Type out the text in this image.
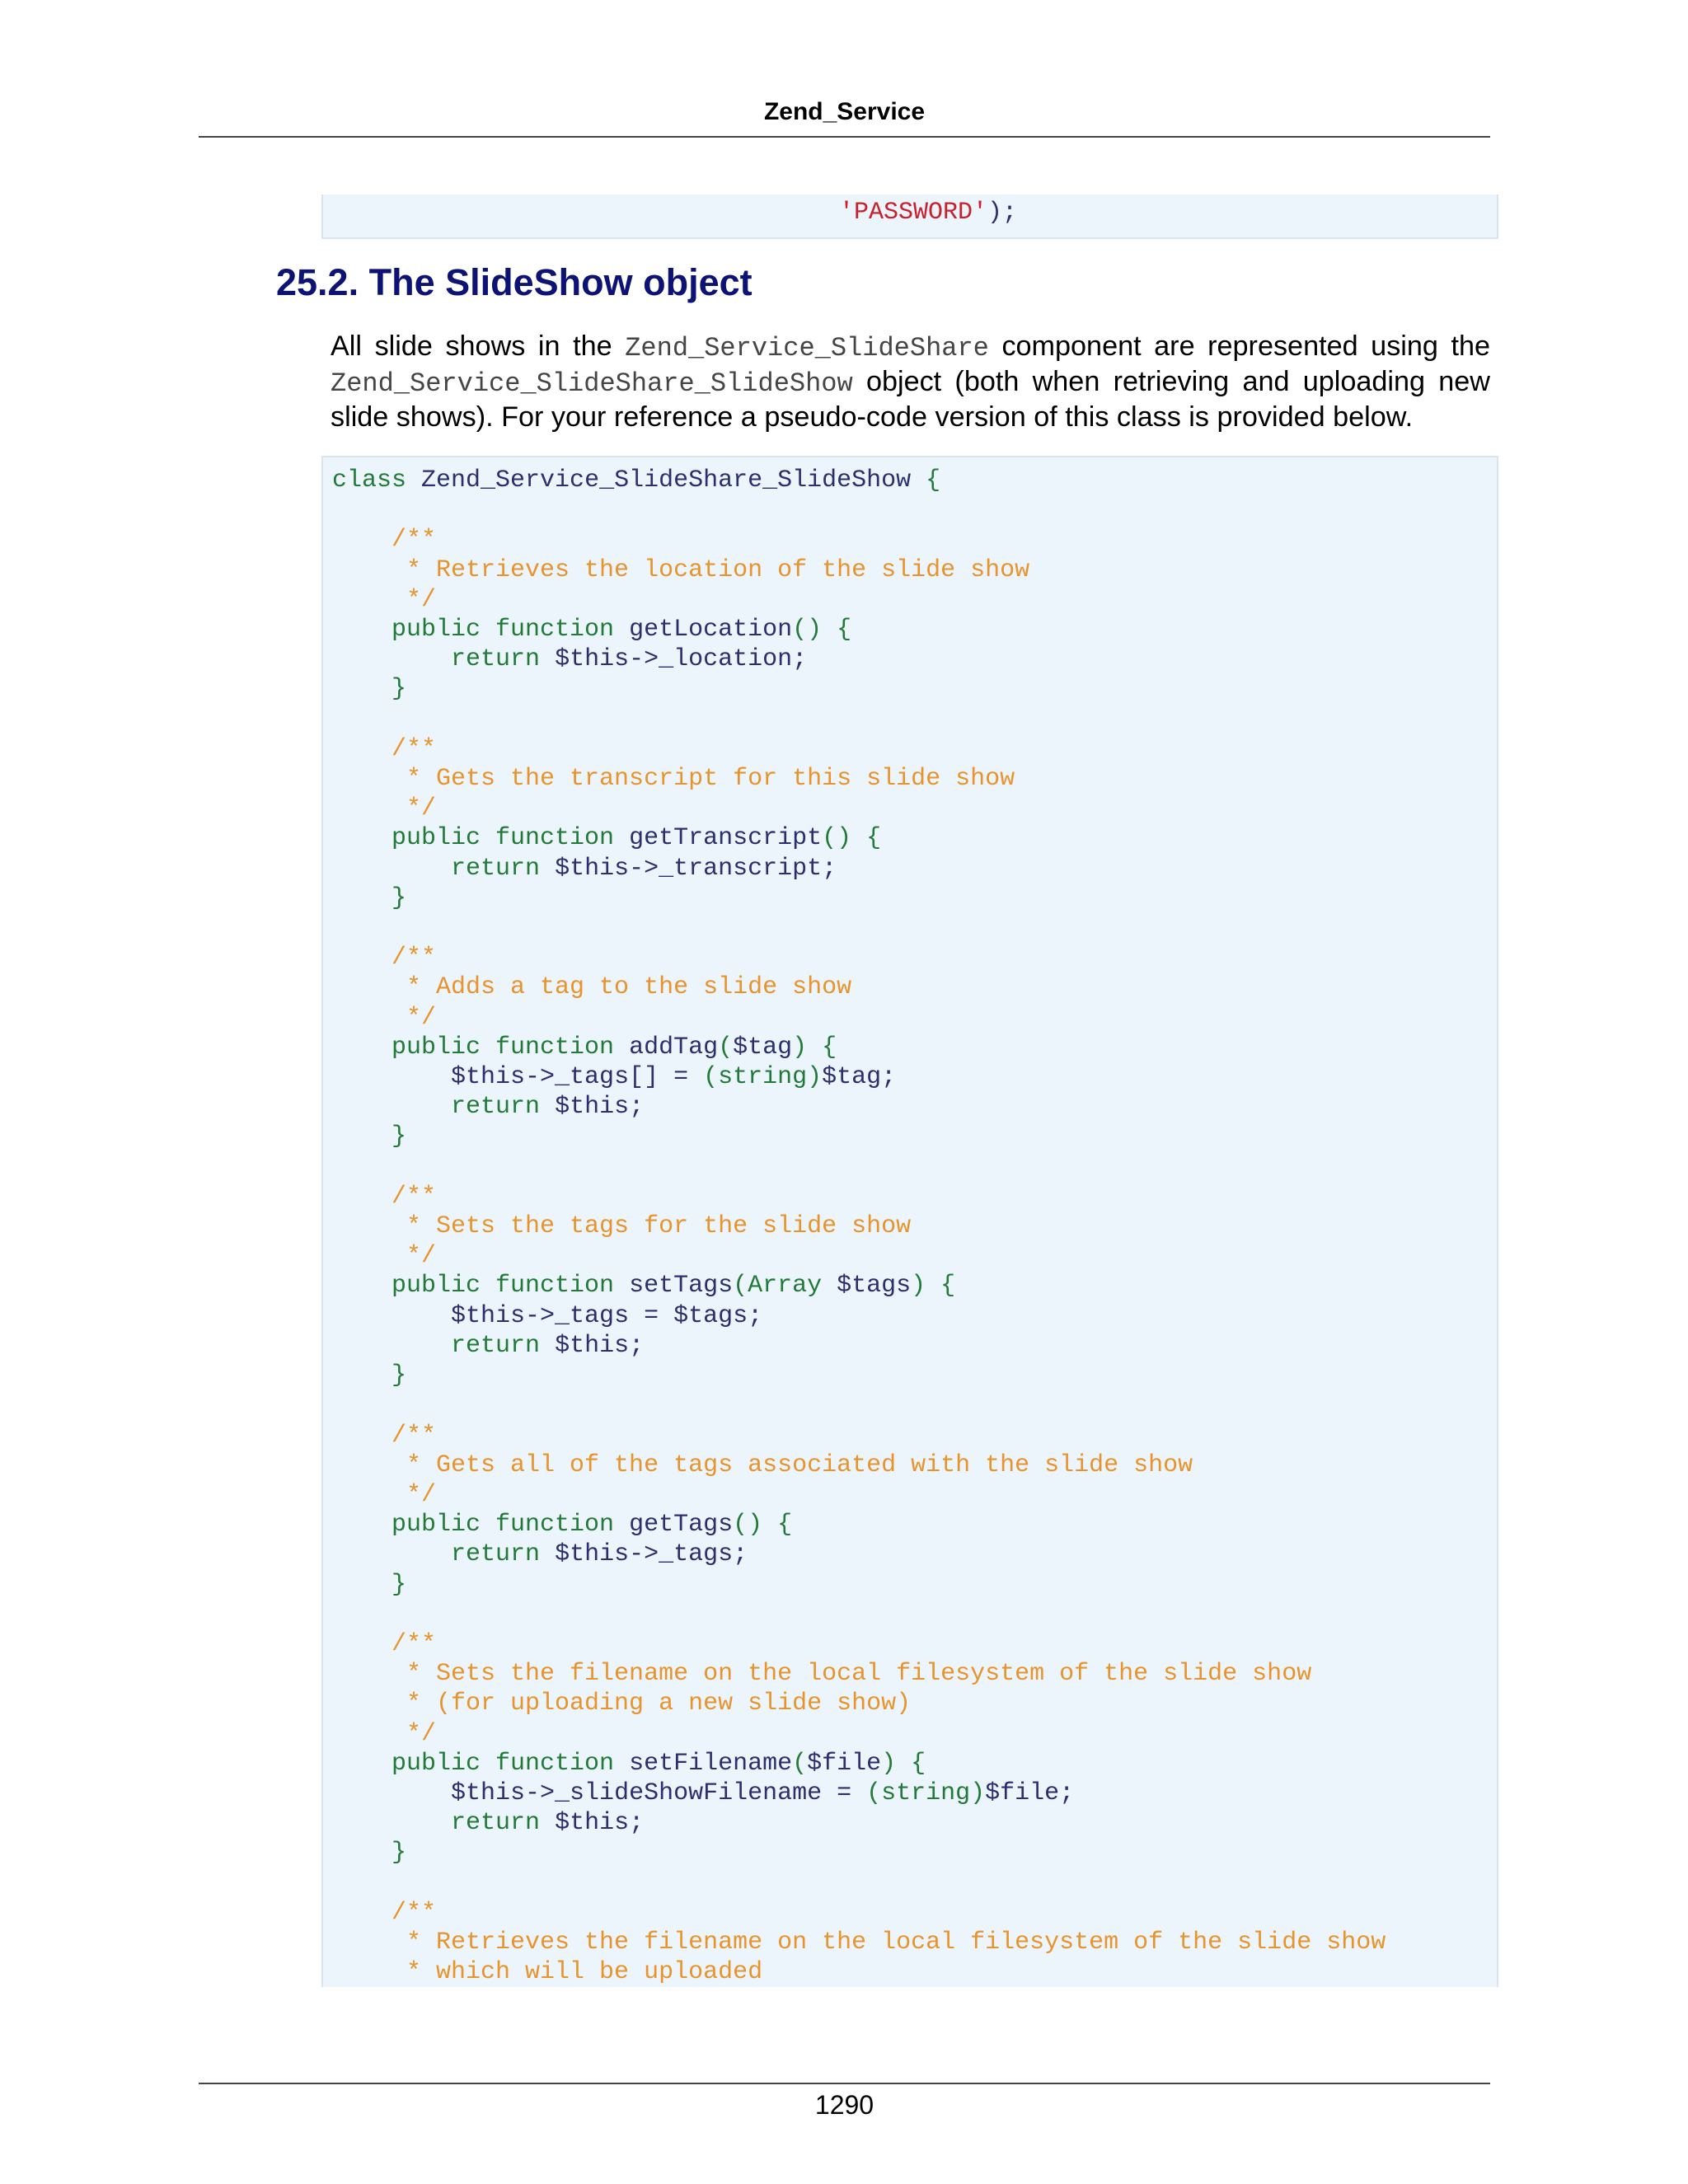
Zend_Service
'PASSWORD');

25.2. The SlideShow object

All slide shows in the Zend_Service_SlideShare component are represented using the Zend_Service_SlideShare_SlideShow object (both when retrieving and uploading new slide shows). For your reference a pseudo-code version of this class is provided below.

class Zend_Service_SlideShare_SlideShow {

/**
* Retrieves the location of the slide show
*/
public function getLocation() {
return $this->_location;
}

/**
* Gets the transcript for this slide show
*/
public function getTranscript() {
return $this->_transcript;
}

/**
* Adds a tag to the slide show
*/
public function addTag($tag) {
$this->_tags[] = (string)$tag;
return $this;
}

/**
* Sets the tags for the slide show
*/
public function setTags(Array $tags) {
$this->_tags = $tags;
return $this;
}

/**
* Gets all of the tags associated with the slide show
*/
public function getTags() {
return $this->_tags;
}

/**
* Sets the filename on the local filesystem of the slide show
* (for uploading a new slide show)
*/
public function setFilename($file) {
$this->_slideShowFilename = (string)$file;
return $this;
}

/**
* Retrieves the filename on the local filesystem of the slide show
* which will be uploaded

1290
